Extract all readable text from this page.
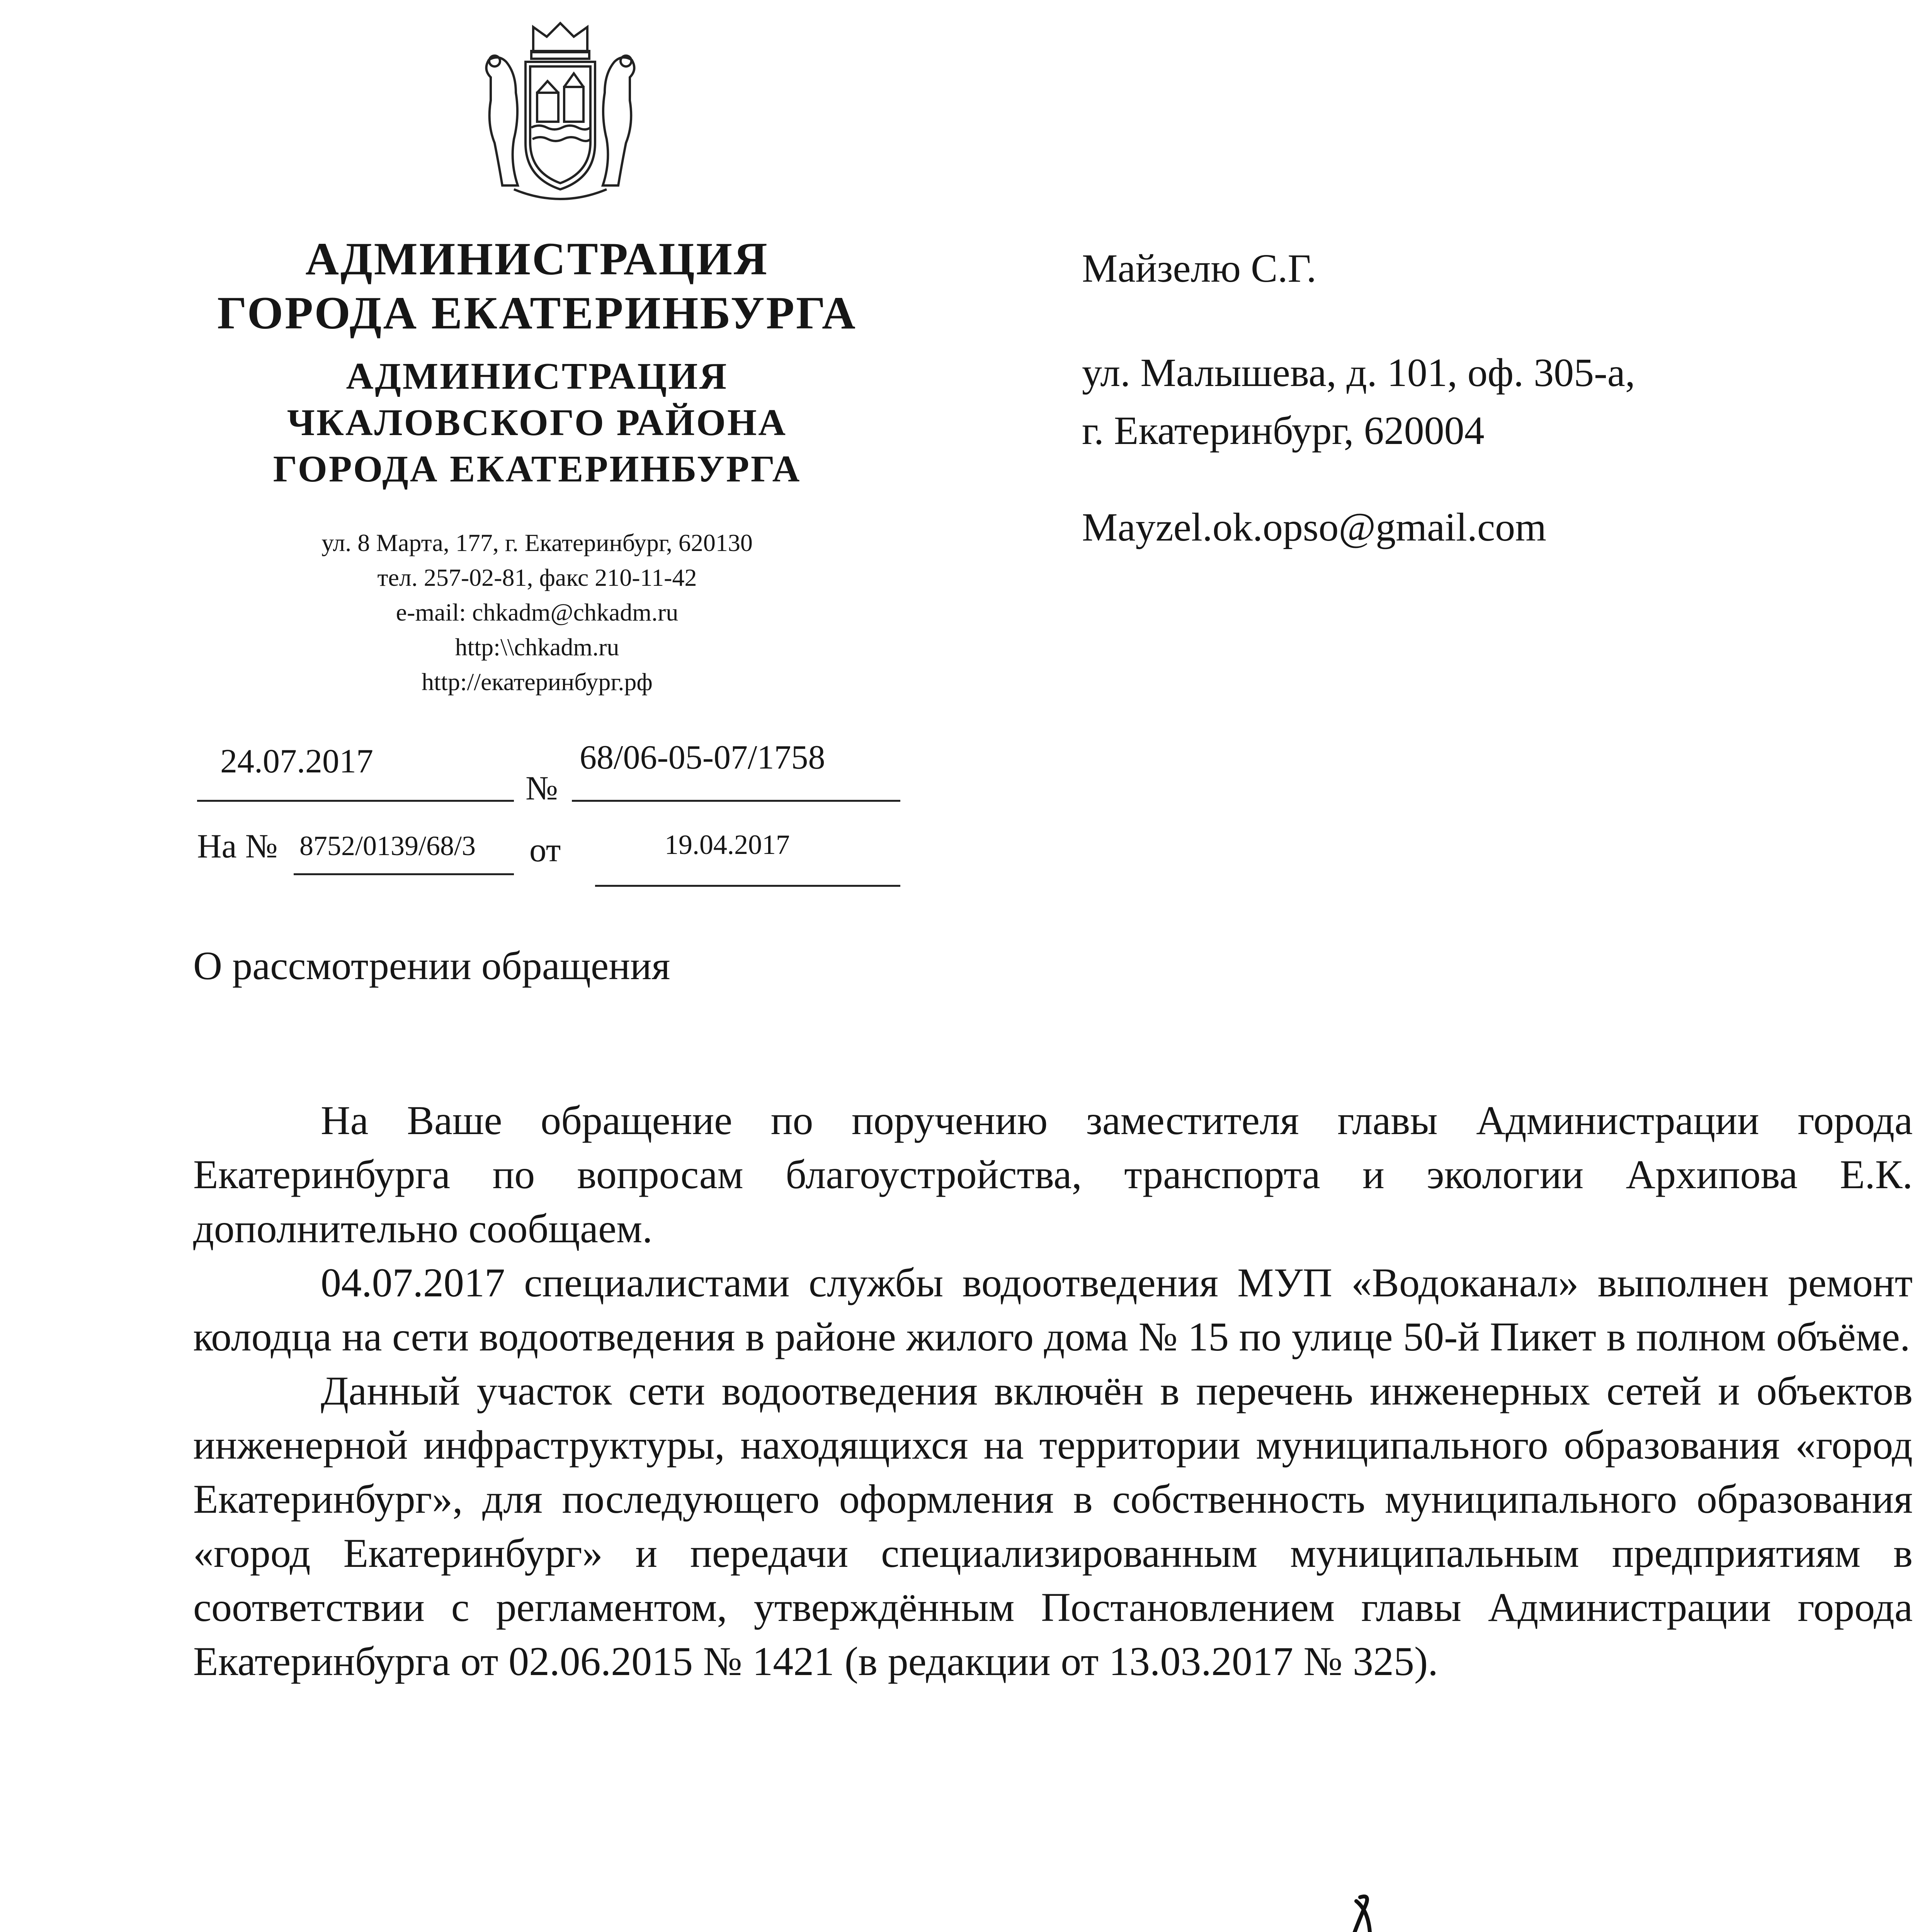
АДМИНИСТРАЦИЯ
ГОРОДА ЕКАТЕРИНБУРГА
АДМИНИСТРАЦИЯ
ЧКАЛОВСКОГО РАЙОНА
ГОРОДА ЕКАТЕРИНБУРГА
ул. 8 Марта, 177, г. Екатеринбург, 620130
тел. 257-02-81, факс 210-11-42
e-mail: chkadm@chkadm.ru
http:\\chkadm.ru
http://екатеринбург.рф
24.07.2017
№
68/06-05-07/1758
На № 8752/0139/68/3 от	19.04.2017
Майзелю С.Г.
ул. Малышева, д. 101, оф. 305-а,
г. Екатеринбург, 620004
Mayzel.ok.opso@gmail.com
О рассмотрении обращения

На Ваше обращение по поручению заместителя главы Администрации города Екатеринбурга по вопросам благоустройства, транспорта и экологии Архипова Е.К. дополнительно сообщаем.

04.07.2017 специалистами службы водоотведения МУП «Водоканал» выполнен ремонт колодца на сети водоотведения в районе жилого дома № 15 по улице 50-й Пикет в полном объёме.

Данный участок сети водоотведения включён в перечень инженерных сетей и объектов инженерной инфраструктуры, находящихся на территории муниципального образования «город Екатеринбург», для последующего оформления в собственность муниципального образования «город Екатеринбург» и передачи специализированным муниципальным предприятиям в соответствии с регламентом, утверждённым Постановлением главы Администрации города Екатеринбурга от 02.06.2015 № 1421 (в редакции от 13.03.2017 № 325).
